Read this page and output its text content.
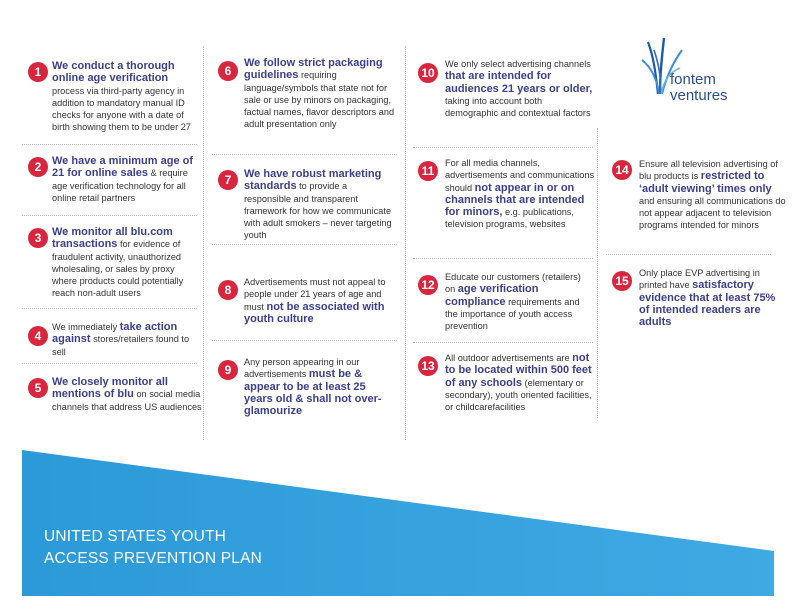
fontem
ventures
1 We conduct a thorough online age verification process via third-party agency in addition to mandatory manual ID checks for anyone with a date of birth showing them to be under 27
2 We have a minimum age of 21 for online sales & require age verification technology for all online retail partners
3 We monitor all blu.com transactions for evidence of fraudulent activity, unauthorized wholesaling, or sales by proxy where products could potentially reach non-adult users
4
We immediately take action against stores/retailers found to sell
5 We closely monitor all mentions of blu on social media channels that address US audiences
6
We follow strict packaging guidelines requiring language/symbols that state not for sale or use by minors on packaging, factual names, flavor descriptors and adult presentation only
7	We have robust marketing standards to provide a responsible and transparent framework for how we communicate with adult smokers – never targeting youth
8
Advertisements must not appeal to people under 21 years of age and must not be associated with youth culture
9
Any person appearing in our advertisements must be & appear to be at least 25 years old & shall not over-glamourize
10
We only select advertising channels that are intended for audiences 21 years or older, taking into account both demographic and contextual factors
11
For all media channels, advertisements and communications should not appear in or on channels that are intended for minors, e.g. publications, television programs, websites
12
Educate our customers (retailers) on age verification compliance requirements and the importance of youth access prevention
13
All outdoor advertisements are not to be located within 500 feet of any schools (elementary or secondary), youth oriented facilities, or childcarefacilities
14	Ensure all television advertising of blu products is restricted to ‘adult viewing’ times only and ensuring all communications do not appear adjacent to television programs intended for minors
15
Only place EVP advertising in printed have satisfactory evidence that at least 75% of intended readers are adults
UNITED STATES YOUTH
ACCESS PREVENTION PLAN
